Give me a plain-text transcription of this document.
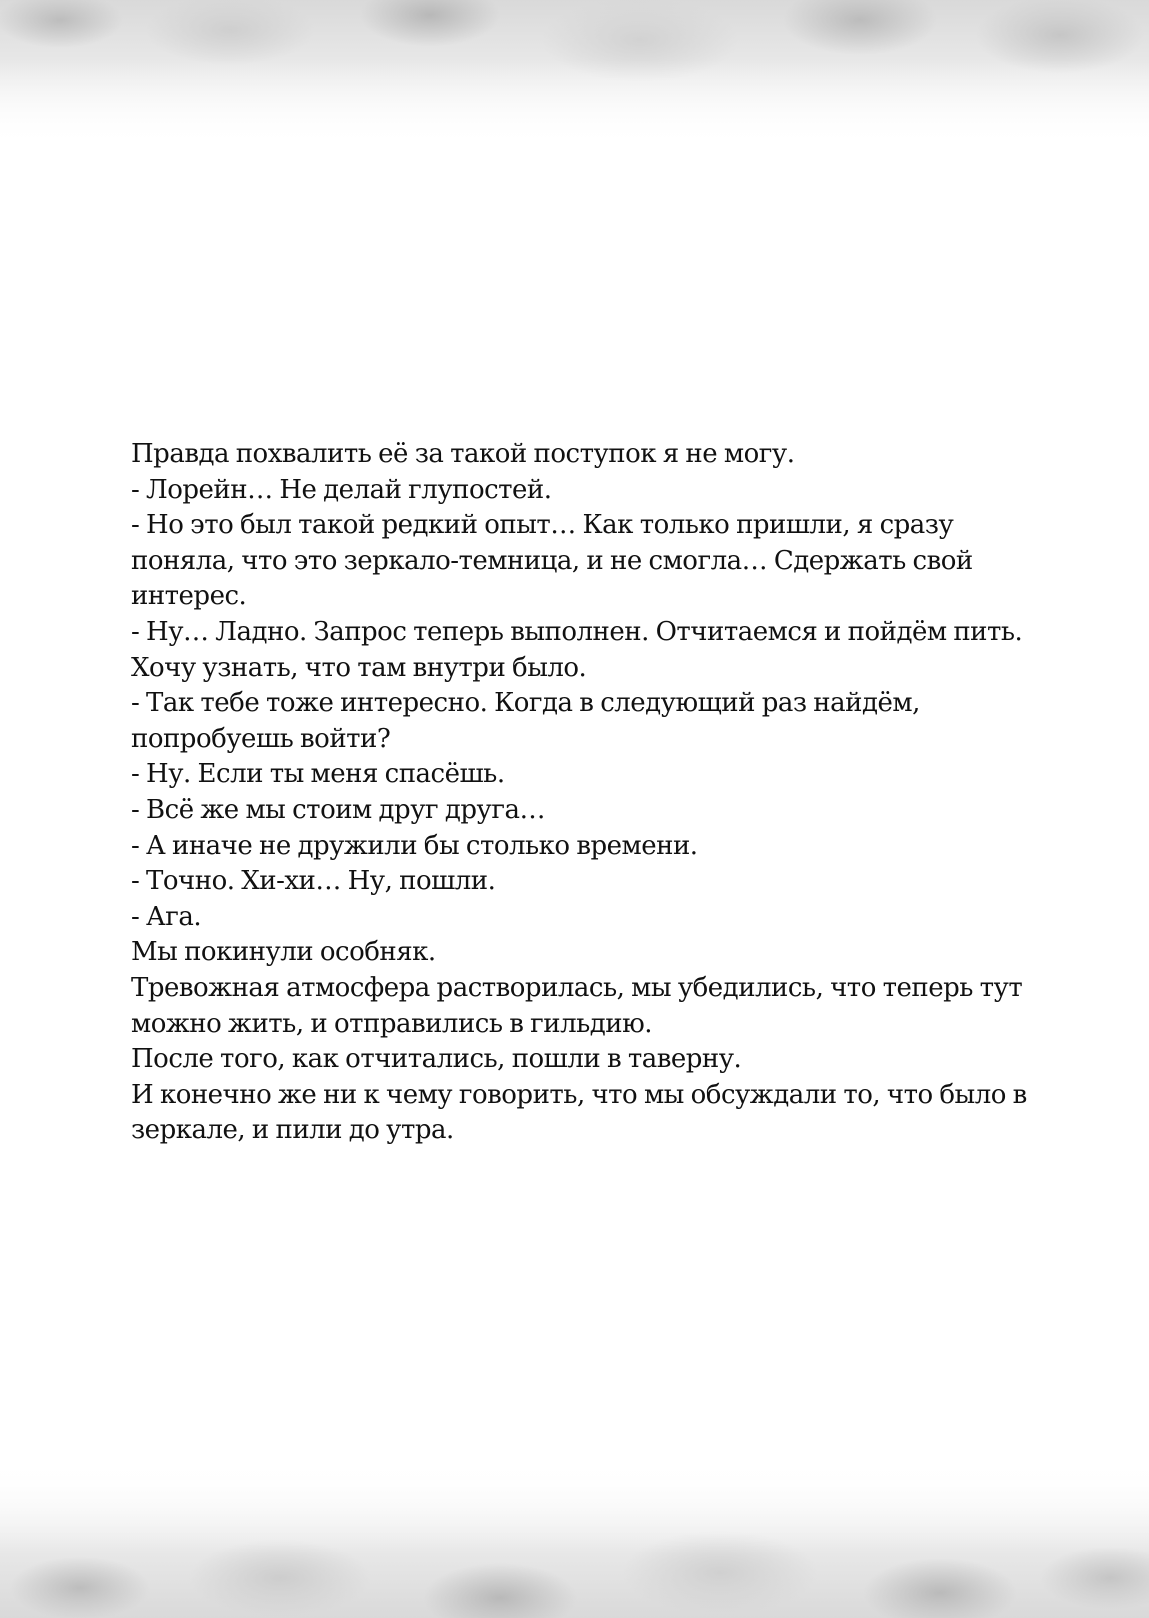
Правда похвалить её за такой поступок я не могу.

- Лорейн… Не делай глупостей.

- Но это был такой редкий опыт… Как только пришли, я сразу поняла, что это зеркало-темница, и не смогла… Сдержать свой интерес.

- Ну… Ладно. Запрос теперь выполнен. Отчитаемся и пойдём пить. Хочу узнать, что там внутри было.

- Так тебе тоже интересно. Когда в следующий раз найдём, попробуешь войти?

- Ну. Если ты меня спасёшь.

- Всё же мы стоим друг друга…

- А иначе не дружили бы столько времени.

- Точно. Хи-хи… Ну, пошли.

- Ага.

Мы покинули особняк.

Тревожная атмосфера растворилась, мы убедились, что теперь тут можно жить, и отправились в гильдию.

После того, как отчитались, пошли в таверну.

И конечно же ни к чему говорить, что мы обсуждали то, что было в зеркале, и пили до утра.
